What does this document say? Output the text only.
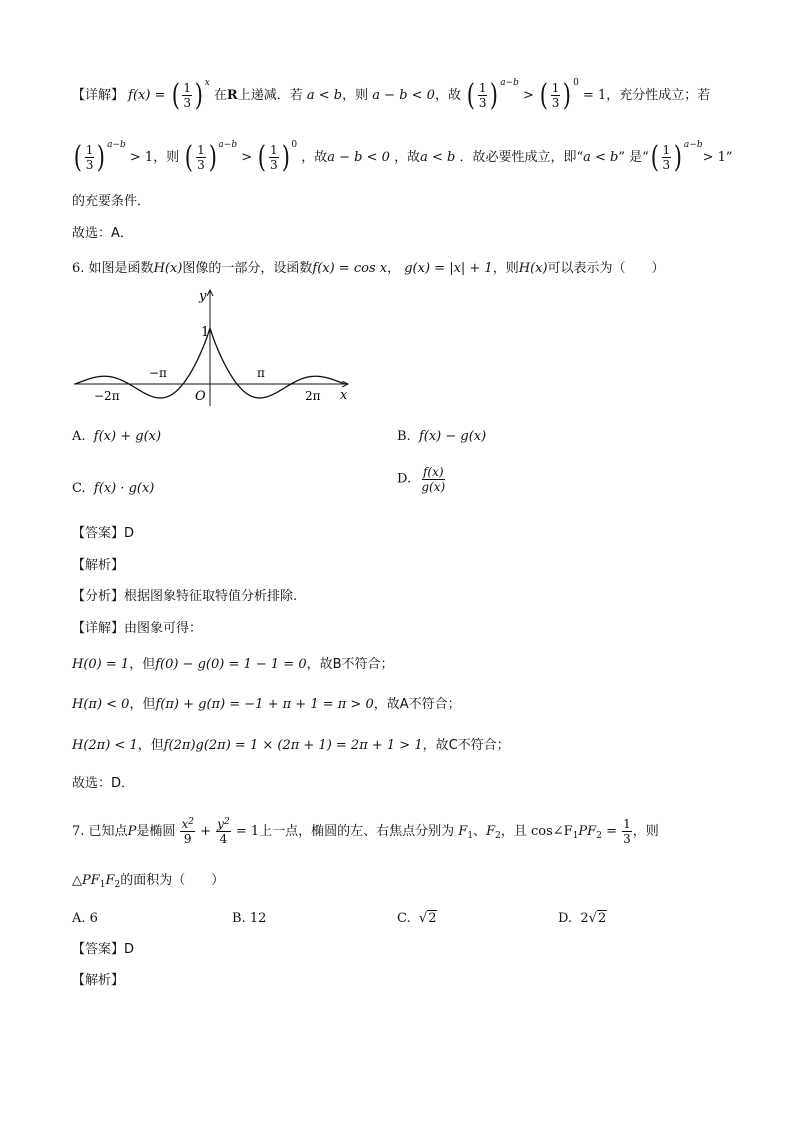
【详解】 f(x) = ( $\frac{1}{3}$ ) $^x$ 在R上递减．若 a < b，则 a − b < 0，故 ( $\frac{1}{3}$ ) $^{a-b}$ > ( $\frac{1}{3}$ ) $^0$ = 1，充分性成立；若
( $\frac{1}{3}$ ) $^{a-b}$ > 1，则 ( $\frac{1}{3}$ ) $^{a-b}$ > ( $\frac{1}{3}$ ) $^0$ ，故a − b < 0 ，故a < b ．故必要性成立，即“a < b” 是“ ( $\frac{1}{3}$ ) $^{a-b}$> 1”
的充要条件．
故选：A．
6. 如图是函数H(x)图像的一部分，设函数f(x) = cos x， g(x) = |x| + 1，则H(x)可以表示为（　　）
y
x
O
1
−2π
−π	π
2π
A. f(x) + g(x)	B. f(x) − g(x)
C. f(x) · g(x)
D. $\frac{f(x)}{g(x)}$
【答案】D
【解析】
【分析】根据图象特征取特值分析排除.
【详解】由图象可得：
H(0) = 1，但f(0) − g(0) = 1 − 1 = 0，故B不符合；
H(π) < 0，但f(π) + g(π) = −1 + π + 1 = π > 0，故A不符合；
H(2π) < 1，但f(2π)g(2π) = 1 × (2π + 1) = 2π + 1 > 1，故C不符合；
故选：D．
7. 已知点P是椭圆 $\frac{x^2}{9} + \frac{y^2}{4} = 1$上一点，椭圆的左、右焦点分别为 $F_1$、$F_2$，且 $\cos\angle F_1PF_2 = \frac{1}{3}$ ，则
$\triangle PF_1F_2$的面积为（　　）
A. 6	B. 12	C. √2	D. 2√2
【答案】D
【解析】
